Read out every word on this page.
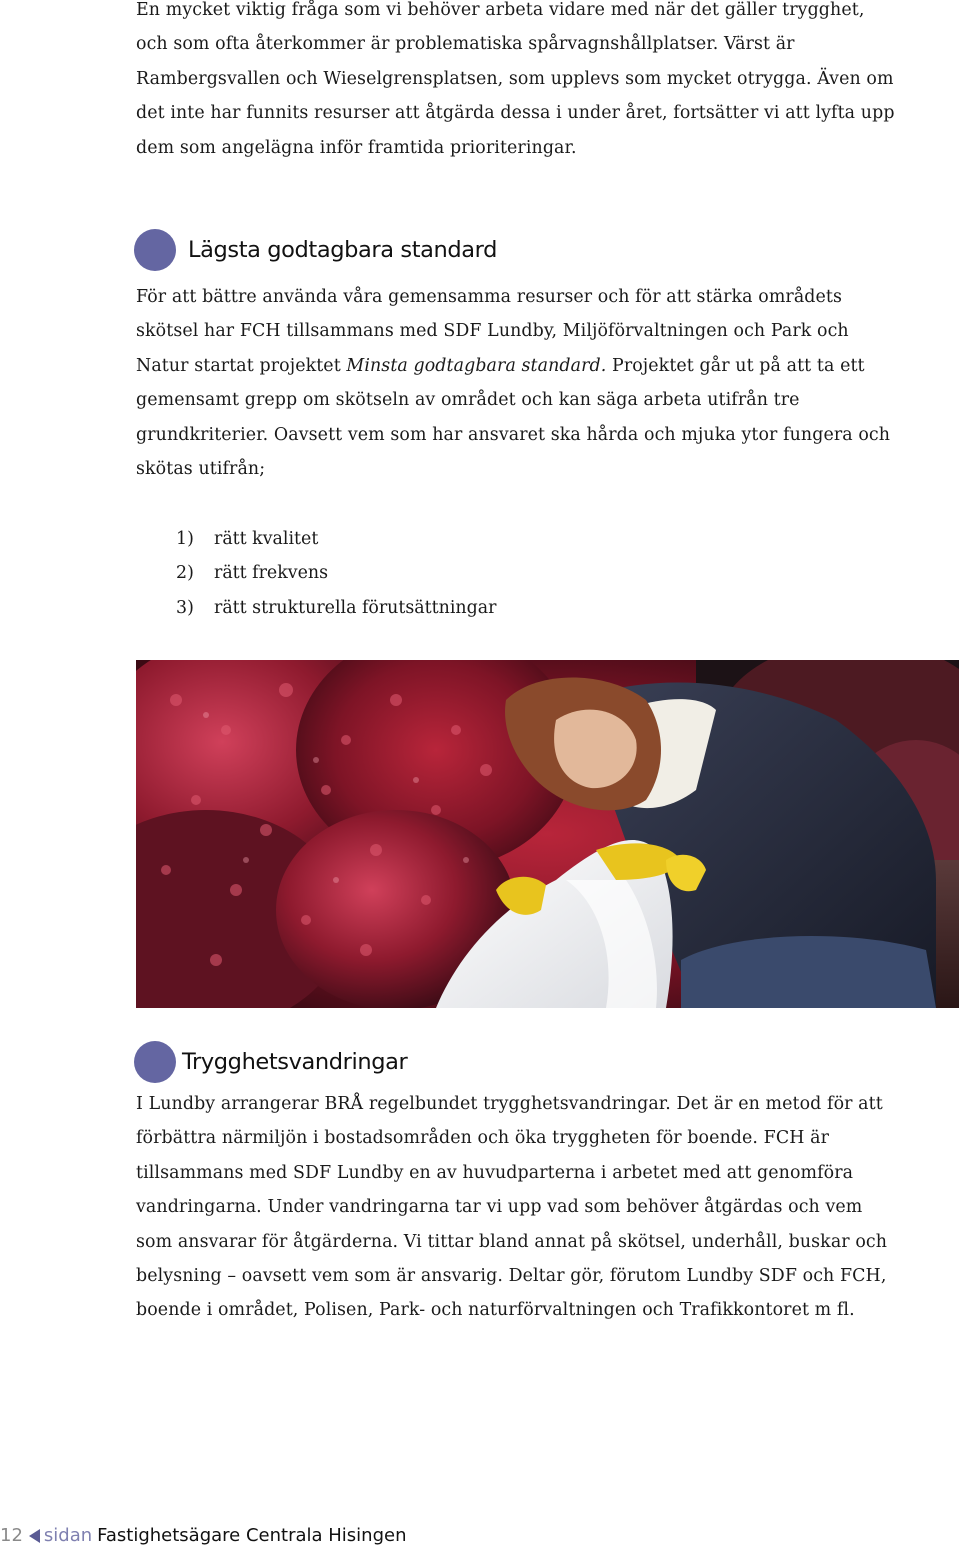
En mycket viktig fråga som vi behöver arbeta vidare med när det gäller trygghet, och som ofta återkommer är problematiska spårvagnshållplatser. Värst är Rambergsvallen och Wieselgrensplatsen, som upplevs som mycket otrygga. Även om det inte har funnits resurser att åtgärda dessa i under året, fortsätter vi att lyfta upp dem som angelägna inför framtida prioriteringar.

Lägsta godtagbara standard

För att bättre använda våra gemensamma resurser och för att stärka områdets skötsel har FCH tillsammans med SDF Lundby, Miljöförvaltningen och Park och Natur startat projektet Minsta godtagbara standard. Projektet går ut på att ta ett gemensamt grepp om skötseln av området och kan säga arbeta utifrån tre grundkriterier. Oavsett vem som har ansvaret ska hårda och mjuka ytor fungera och skötas utifrån;

1)	rätt kvalitet
2)	rätt frekvens
3)	rätt strukturella förutsättningar
Trygghetsvandringar

I Lundby arrangerar BRÅ regelbundet trygghetsvandringar. Det är en metod för att förbättra närmiljön i bostadsområden och öka tryggheten för boende. FCH är tillsammans med SDF Lundby en av huvudparterna i arbetet med att genomföra vandringarna. Under vandringarna tar vi upp vad som behöver åtgärdas och vem som ansvarar för åtgärderna. Vi tittar bland annat på skötsel, underhåll, buskar och belysning – oavsett vem som är ansvarig. Deltar gör, förutom Lundby SDF och FCH, boende i området, Polisen, Park- och naturförvaltningen och Trafikkontoret m fl.

12 sidan Fastighetsägare Centrala Hisingen
